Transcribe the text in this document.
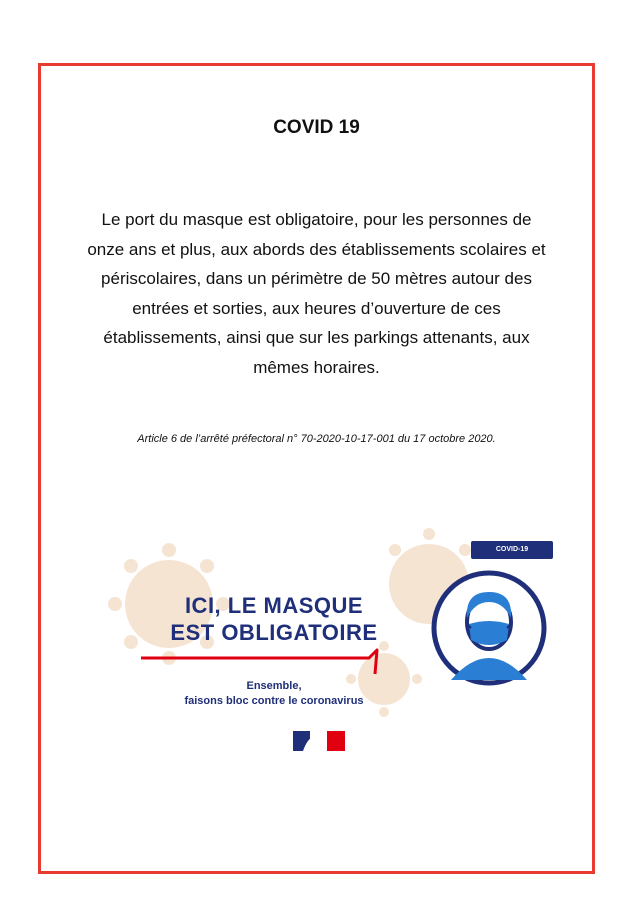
COVID 19
Le port du masque est obligatoire, pour les personnes de onze ans et plus, aux abords des établissements scolaires et périscolaires, dans un périmètre de 50 mètres autour des entrées et sorties, aux heures d’ouverture de ces établissements, ainsi que sur les parkings attenants, aux mêmes horaires.
Article 6 de l’arrêté préfectoral n° 70-2020-10-17-001 du 17 octobre 2020.
COVID-19
ICI, LE MASQUE
EST OBLIGATOIRE
Ensemble,
faisons bloc contre le coronavirus
